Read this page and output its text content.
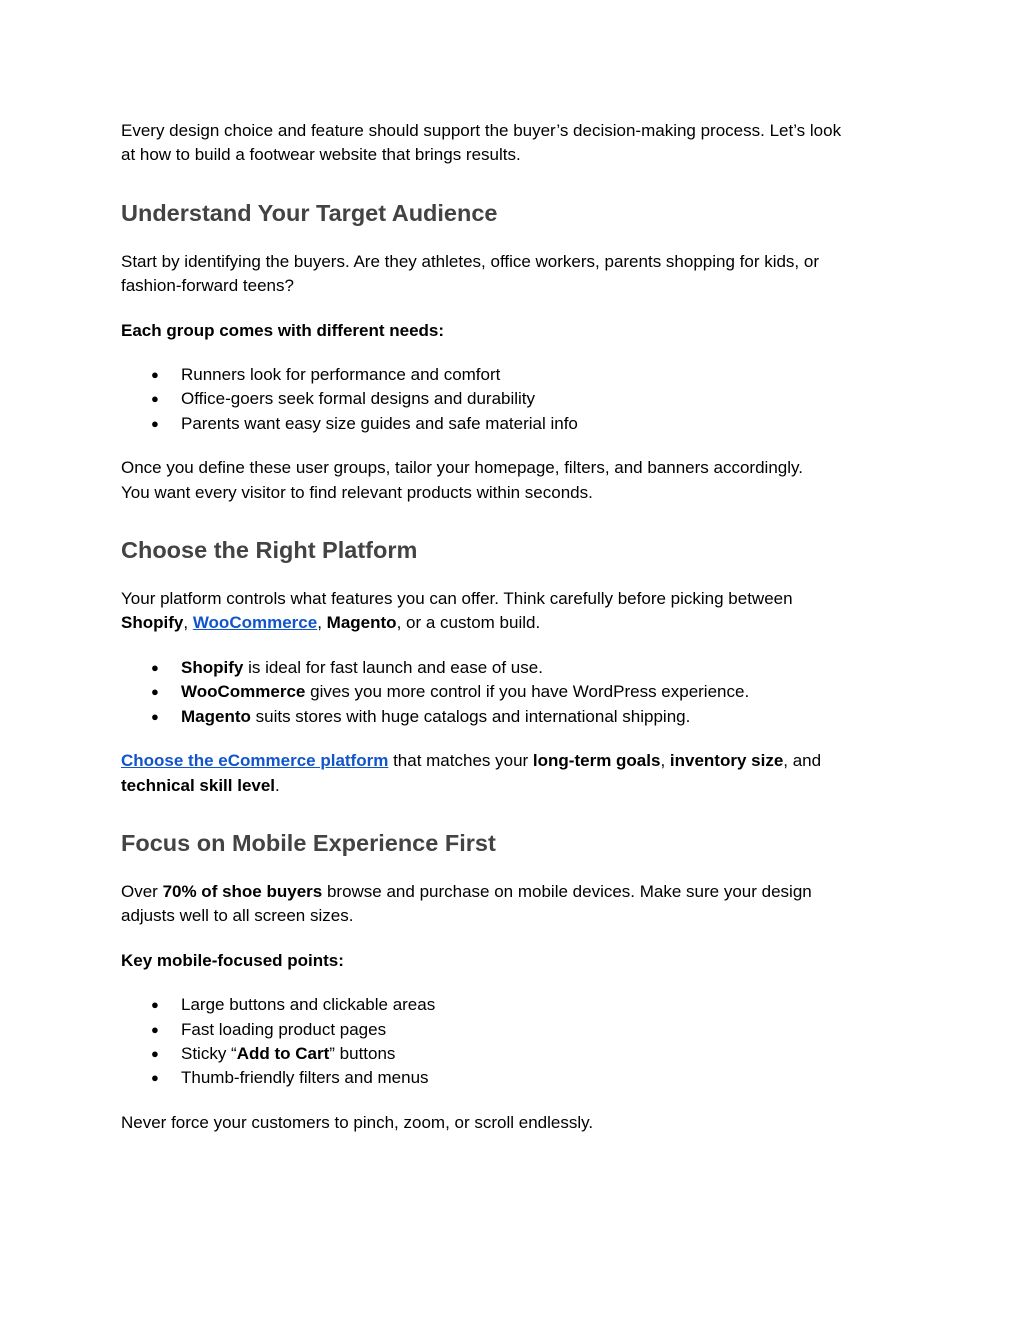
Every design choice and feature should support the buyer’s decision-making process. Let’s look
at how to build a footwear website that brings results.

Understand Your Target Audience

Start by identifying the buyers. Are they athletes, office workers, parents shopping for kids, or
fashion-forward teens?

Each group comes with different needs:

● Runners look for performance and comfort
● Office-goers seek formal designs and durability
● Parents want easy size guides and safe material info

Once you define these user groups, tailor your homepage, filters, and banners accordingly.
You want every visitor to find relevant products within seconds.

Choose the Right Platform

Your platform controls what features you can offer. Think carefully before picking between
Shopify, WooCommerce, Magento, or a custom build.

● Shopify is ideal for fast launch and ease of use.
● WooCommerce gives you more control if you have WordPress experience.
● Magento suits stores with huge catalogs and international shipping.

Choose the eCommerce platform that matches your long-term goals, inventory size, and
technical skill level.

Focus on Mobile Experience First

Over 70% of shoe buyers browse and purchase on mobile devices. Make sure your design
adjusts well to all screen sizes.

Key mobile-focused points:

● Large buttons and clickable areas
● Fast loading product pages
● Sticky “Add to Cart” buttons
● Thumb-friendly filters and menus

Never force your customers to pinch, zoom, or scroll endlessly.
